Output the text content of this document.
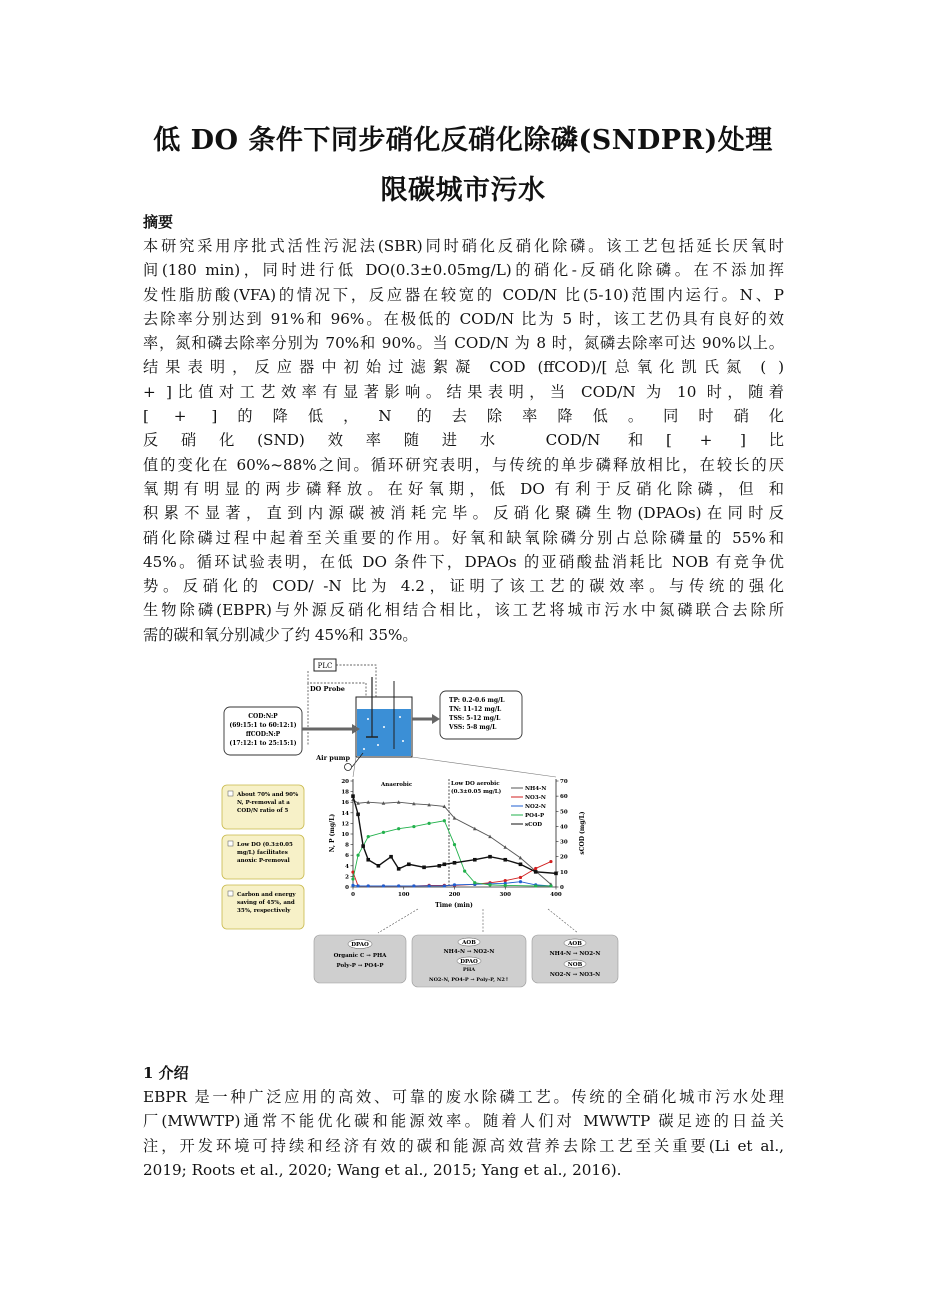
低 DO 条件下同步硝化反硝化除磷(SNDPR)处理
限碳城市污水
摘要
本研究采用序批式活性污泥法(SBR)同时硝化反硝化除磷。该工艺包括延长厌氧时
间(180 min)，同时进行低 DO(0.3±0.05mg/L)的硝化-反硝化除磷。在不添加挥
发性脂肪酸(VFA)的情况下，反应器在较宽的 COD/N 比(5-10)范围内运行。N、P
去除率分别达到 91%和 96%。在极低的 COD/N 比为 5 时，该工艺仍具有良好的效
率，氮和磷去除率分别为 70%和 90%。当 COD/N 为 8 时，氮磷去除率可达 90%以上。
结果表明，反应器中初始过滤絮凝 COD (ffCOD)/[总氧化凯氏氮 ( )
+ ]比值对工艺效率有显著影响。结果表明，当 COD/N 为 10 时，随着
[ + ]的降低，N 的去除率降低。同时硝化
反硝化(SND)效率随进水 COD/N 和[ + ]比
值的变化在 60%~88%之间。循环研究表明，与传统的单步磷释放相比，在较长的厌
氧期有明显的两步磷释放。在好氧期，低 DO 有利于反硝化除磷，但 和
积累不显著，直到内源碳被消耗完毕。反硝化聚磷生物(DPAOs)在同时反
硝化除磷过程中起着至关重要的作用。好氧和缺氧除磷分别占总除磷量的 55%和
45%。循环试验表明，在低 DO 条件下，DPAOs 的亚硝酸盐消耗比 NOB 有竞争优
势。反硝化的 COD/ -N 比为 4.2，证明了该工艺的碳效率。与传统的强化
生物除磷(EBPR)与外源反硝化相结合相比，该工艺将城市污水中氮磷联合去除所
需的碳和氧分别减少了约 45%和 35%。
PLC
DO Probe
Air pump
COD:N:P
(69:15:1 to 60:12:1)
ffCOD:N:P
(17:12:1 to 25:15:1)
TP: 0.2-0.6 mg/L
TN: 11-12 mg/L
TSS: 5-12 mg/L
VSS: 5-8 mg/L
About 70% and 90%
N, P-removal at a
COD/N ratio of 5
Low DO (0.3±0.05
mg/L) facilitates
anoxic P-removal
Carbon and energy
saving of 45%, and
35%, respectively
Anaerobic	Low DO aerobic
(0.3±0.05 mg/L)
Time (min)
N, P (mg/L)	sCOD (mg/L)
0	100	200	300	400
0
2
4
6
8
10
12
14
16
18
20
0
10
20
30
40
50
60
70
NH4-N
NO3-N
NO2-N
PO4-P
sCOD
DPAO
Organic C → PHA
Poly-P → PO4-P
AOB
NH4-N → NO2-N
DPAO
PHA
NO2-N, PO4-P → Poly-P, N2↑
AOB
NH4-N → NO2-N
NOB
NO2-N → NO3-N
1 介绍
EBPR 是一种广泛应用的高效、可靠的废水除磷工艺。传统的全硝化城市污水处理
厂(MWWTP)通常不能优化碳和能源效率。随着人们对 MWWTP 碳足迹的日益关
注，开发环境可持续和经济有效的碳和能源高效营养去除工艺至关重要(Li et al.,
2019; Roots et al., 2020; Wang et al., 2015; Yang et al., 2016).
